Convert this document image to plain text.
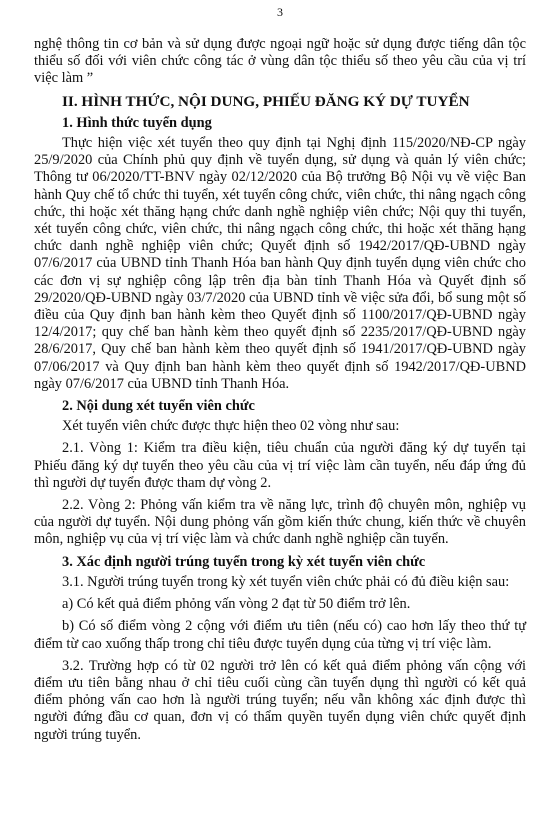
3

nghệ thông tin cơ bản và sử dụng được ngoại ngữ hoặc sử dụng được tiếng dân tộc thiểu số đối với viên chức công tác ở vùng dân tộc thiểu số theo yêu cầu của vị trí việc làm ”

II. HÌNH THỨC, NỘI DUNG, PHIẾU ĐĂNG KÝ DỰ TUYỂN

1. Hình thức tuyển dụng

Thực hiện việc xét tuyển theo quy định tại Nghị định 115/2020/NĐ-CP ngày 25/9/2020 của Chính phủ quy định về tuyển dụng, sử dụng và quản lý viên chức; Thông tư 06/2020/TT-BNV ngày 02/12/2020 của Bộ trưởng Bộ Nội vụ về việc Ban hành Quy chế tổ chức thi tuyển, xét tuyển công chức, viên chức, thi nâng ngạch công chức, thi hoặc xét thăng hạng chức danh nghề nghiệp viên chức; Nội quy thi tuyển, xét tuyển công chức, viên chức, thi nâng ngạch công chức, thi hoặc xét thăng hạng chức danh nghề nghiệp viên chức; Quyết định số 1942/2017/QĐ-UBND ngày 07/6/2017 của UBND tỉnh Thanh Hóa ban hành Quy định tuyển dụng viên chức cho các đơn vị sự nghiệp công lập trên địa bàn tỉnh Thanh Hóa và Quyết định số 29/2020/QĐ-UBND ngày 03/7/2020 của UBND tỉnh về việc sửa đổi, bổ sung một số điều của Quy định ban hành kèm theo Quyết định số 1100/2017/QĐ-UBND ngày 12/4/2017; quy chế ban hành kèm theo quyết định số 2235/2017/QĐ-UBND ngày 28/6/2017, Quy chế ban hành kèm theo quyết định số 1941/2017/QĐ-UBND ngày 07/06/2017 và Quy định ban hành kèm theo quyết định số 1942/2017/QĐ-UBND ngày 07/6/2017 của UBND tỉnh Thanh Hóa.

2. Nội dung xét tuyển viên chức

Xét tuyển viên chức được thực hiện theo 02 vòng như sau:

2.1. Vòng 1: Kiểm tra điều kiện, tiêu chuẩn của người đăng ký dự tuyển tại Phiếu đăng ký dự tuyển theo yêu cầu của vị trí việc làm cần tuyển, nếu đáp ứng đủ thì người dự tuyển được tham dự vòng 2.

2.2. Vòng 2: Phỏng vấn kiểm tra về năng lực, trình độ chuyên môn, nghiệp vụ của người dự tuyển. Nội dung phỏng vấn gồm kiến thức chung, kiến thức về chuyên môn, nghiệp vụ của vị trí việc làm và chức danh nghề nghiệp cần tuyển.

3. Xác định người trúng tuyển trong kỳ xét tuyển viên chức

3.1. Người trúng tuyển trong kỳ xét tuyển viên chức phải có đủ điều kiện sau:

a) Có kết quả điểm phỏng vấn vòng 2 đạt từ 50 điểm trở lên.

b) Có số điểm vòng 2 cộng với điểm ưu tiên (nếu có) cao hơn lấy theo thứ tự điểm từ cao xuống thấp trong chỉ tiêu được tuyển dụng của từng vị trí việc làm.

3.2. Trường hợp có từ 02 người trở lên có kết quả điểm phỏng vấn cộng với điểm ưu tiên bằng nhau ở chỉ tiêu cuối cùng cần tuyển dụng thì người có kết quả điểm phỏng vấn cao hơn là người trúng tuyển; nếu vẫn không xác định được thì người đứng đầu cơ quan, đơn vị có thẩm quyền tuyển dụng viên chức quyết định người trúng tuyển.
